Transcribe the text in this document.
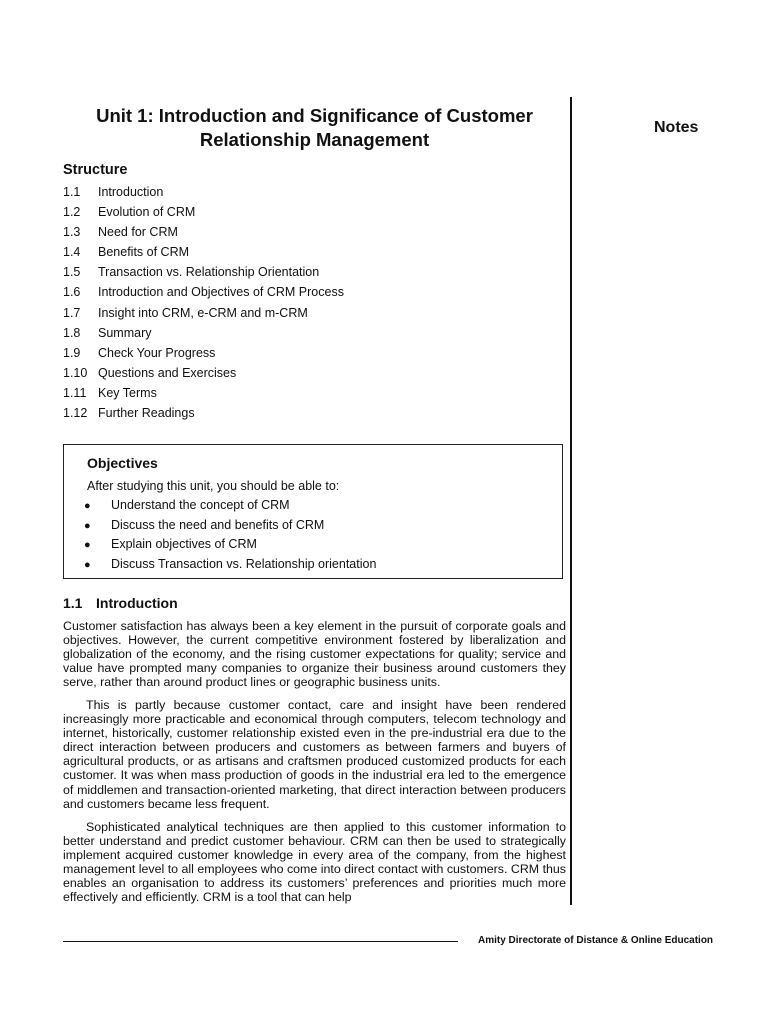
Unit 1: Introduction and Significance of Customer
Relationship Management

Notes

Structure
1.1 Introduction
1.2 Evolution of CRM
1.3 Need for CRM
1.4 Benefits of CRM
1.5 Transaction vs. Relationship Orientation
1.6 Introduction and Objectives of CRM Process
1.7 Insight into CRM, e-CRM and m-CRM
1.8 Summary
1.9 Check Your Progress
1.10 Questions and Exercises
1.11 Key Terms
1.12 Further Readings
Objectives

After studying this unit, you should be able to:

● Understand the concept of CRM
● Discuss the need and benefits of CRM
● Explain objectives of CRM
● Discuss Transaction vs. Relationship orientation
1.1 Introduction

Customer satisfaction has always been a key element in the pursuit of corporate goals and objectives. However, the current competitive environment fostered by liberalization and globalization of the economy, and the rising customer expectations for quality; service and value have prompted many companies to organize their business around customers they serve, rather than around product lines or geographic business units.

This is partly because customer contact, care and insight have been rendered increasingly more practicable and economical through computers, telecom technology and internet, historically, customer relationship existed even in the pre-industrial era due to the direct interaction between producers and customers as between farmers and buyers of agricultural products, or as artisans and craftsmen produced customized products for each customer. It was when mass production of goods in the industrial era led to the emergence of middlemen and transaction-oriented marketing, that direct interaction between producers and customers became less frequent.

Sophisticated analytical techniques are then applied to this customer information to better understand and predict customer behaviour. CRM can then be used to strategically implement acquired customer knowledge in every area of the company, from the highest management level to all employees who come into direct contact with customers. CRM thus enables an organisation to address its customers’ preferences and priorities much more effectively and efficiently. CRM is a tool that can help

Amity Directorate of Distance & Online Education
